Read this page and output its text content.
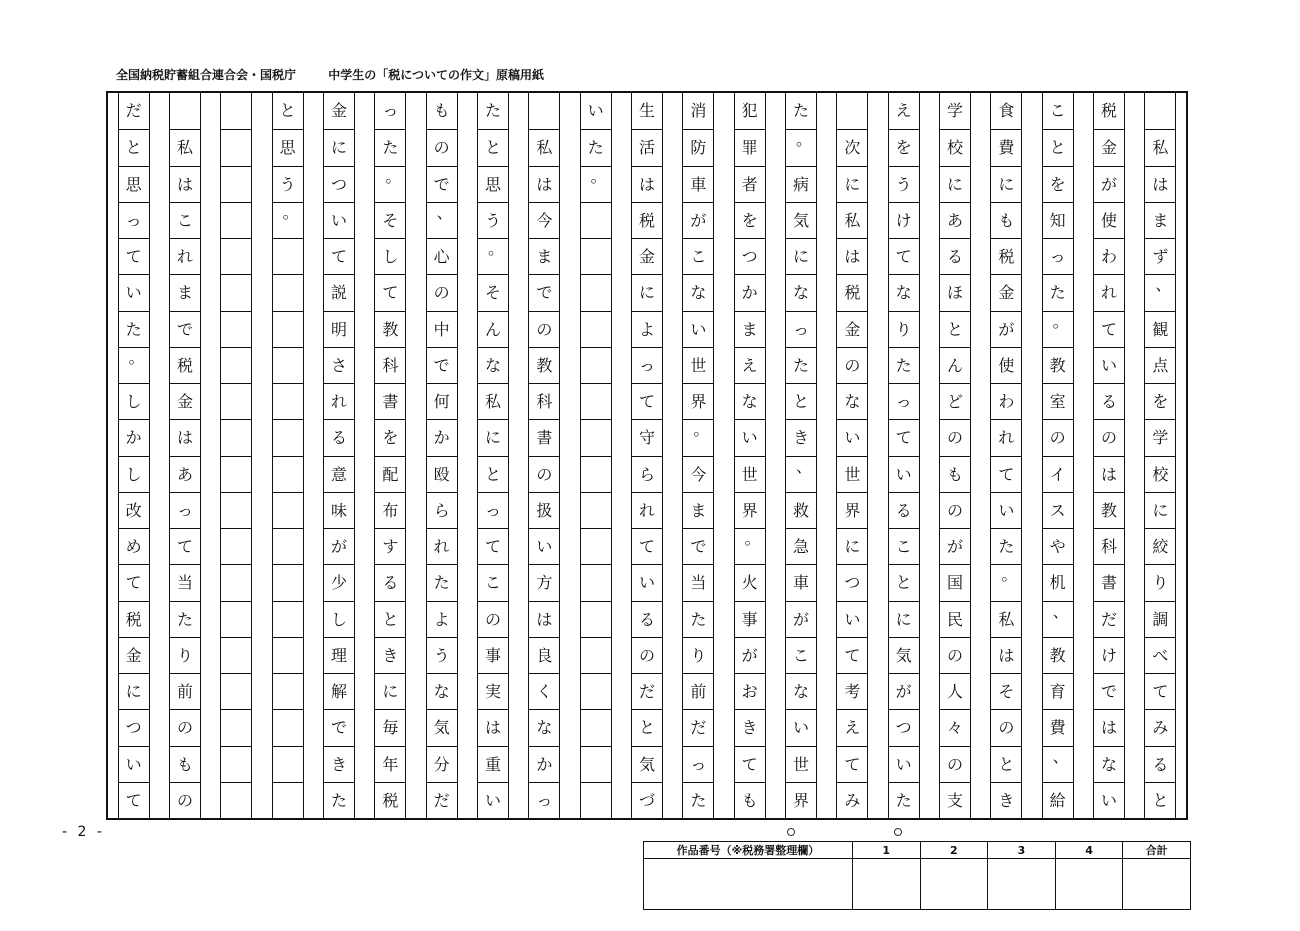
全国納税貯蓄組合連合会・国税庁	中学生の「税についての作文」原稿用紙
だ
と
思
っ
て
い
た
。
し
か
し
改
め
て
税
金
に
つ
い
て
私
は
こ
れ
ま
で
税
金
は
あ
っ
て
当
た
り
前
の
も
の
と
思
う
。
金
に
つ
い
て
説
明
さ
れ
る
意
味
が
少
し
理
解
で
き
た
っ
た
。
そ
し
て
教
科
書
を
配
布
す
る
と
き
に
毎
年
税
も
の
で
、
心
の
中
で
何
か
殴
ら
れ
た
よ
う
な
気
分
だ
た
と
思
う
。
そ
ん
な
私
に
と
っ
て
こ
の
事
実
は
重
い
私
は
今
ま
で
の
教
科
書
の
扱
い
方
は
良
く
な
か
っ
い
た
。
生
活
は
税
金
に
よ
っ
て
守
ら
れ
て
い
る
の
だ
と
気
づ
消
防
車
が
こ
な
い
世
界
。
今
ま
で
当
た
り
前
だ
っ
た
犯
罪
者
を
つ
か
ま
え
な
い
世
界
。
火
事
が
お
き
て
も
た
。
病
気
に
な
っ
た
と
き
、
救
急
車
が
こ
な
い
世
界
次
に
私
は
税
金
の
な
い
世
界
に
つ
い
て
考
え
て
み
え
を
う
け
て
な
り
た
っ
て
い
る
こ
と
に
気
が
つ
い
た
学
校
に
あ
る
ほ
と
ん
ど
の
も
の
が
国
民
の
人
々
の
支
食
費
に
も
税
金
が
使
わ
れ
て
い
た
。
私
は
そ
の
と
き
こ
と
を
知
っ
た
。
教
室
の
イ
ス
や
机
、
教
育
費
、
給
税
金
が
使
わ
れ
て
い
る
の
は
教
科
書
だ
け
で
は
な
い
私
は
ま
ず
、
観
点
を
学
校
に
絞
り
調
べ
て
み
る
と
- 2 -
作品番号（※税務署整理欄）	1	2	3	4	合計
